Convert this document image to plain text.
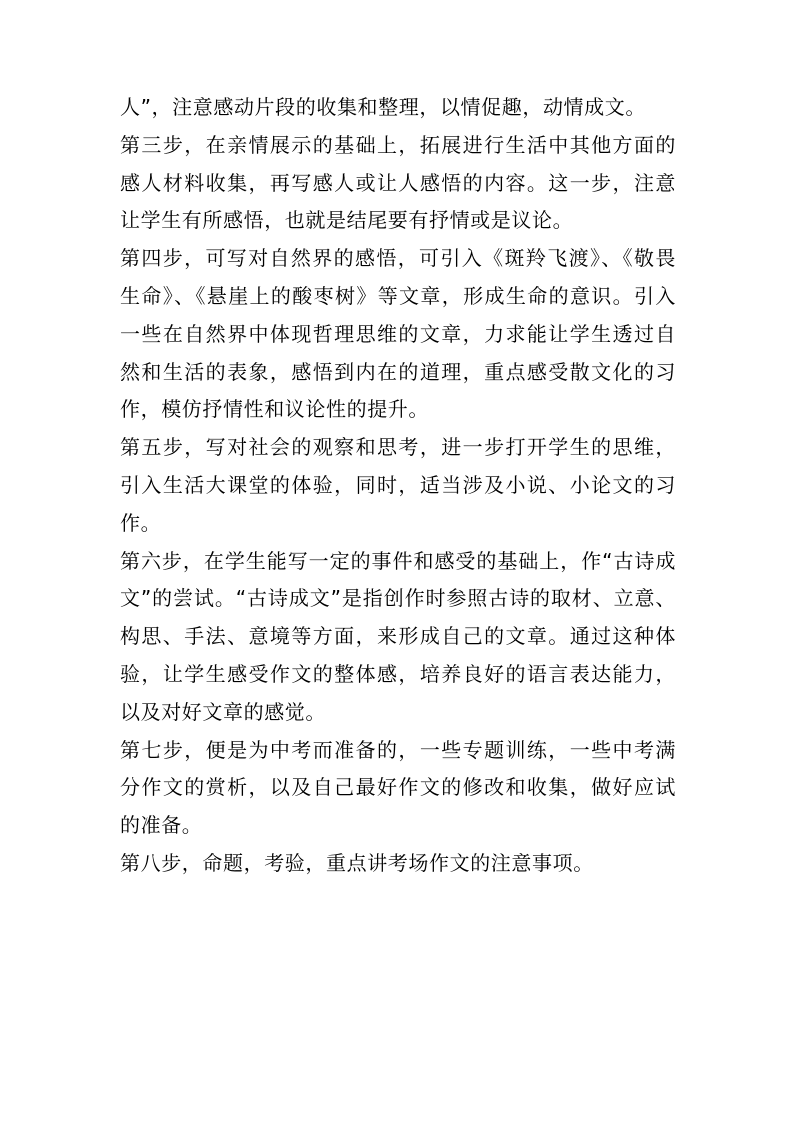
人”，注意感动片段的收集和整理，以情促趣，动情成文。

第三步，在亲情展示的基础上，拓展进行生活中其他方面的感人材料收集，再写感人或让人感悟的内容。这一步，注意让学生有所感悟，也就是结尾要有抒情或是议论。

第四步，可写对自然界的感悟，可引入《斑羚飞渡》、《敬畏生命》、《悬崖上的酸枣树》等文章，形成生命的意识。引入一些在自然界中体现哲理思维的文章，力求能让学生透过自然和生活的表象，感悟到内在的道理，重点感受散文化的习作，模仿抒情性和议论性的提升。

第五步，写对社会的观察和思考，进一步打开学生的思维，引入生活大课堂的体验，同时，适当涉及小说、小论文的习作。

第六步，在学生能写一定的事件和感受的基础上，作“古诗成文”的尝试。“古诗成文”是指创作时参照古诗的取材、立意、构思、手法、意境等方面，来形成自己的文章。通过这种体验，让学生感受作文的整体感，培养良好的语言表达能力，以及对好文章的感觉。

第七步，便是为中考而准备的，一些专题训练，一些中考满分作文的赏析，以及自己最好作文的修改和收集，做好应试的准备。

第八步，命题，考验，重点讲考场作文的注意事项。
